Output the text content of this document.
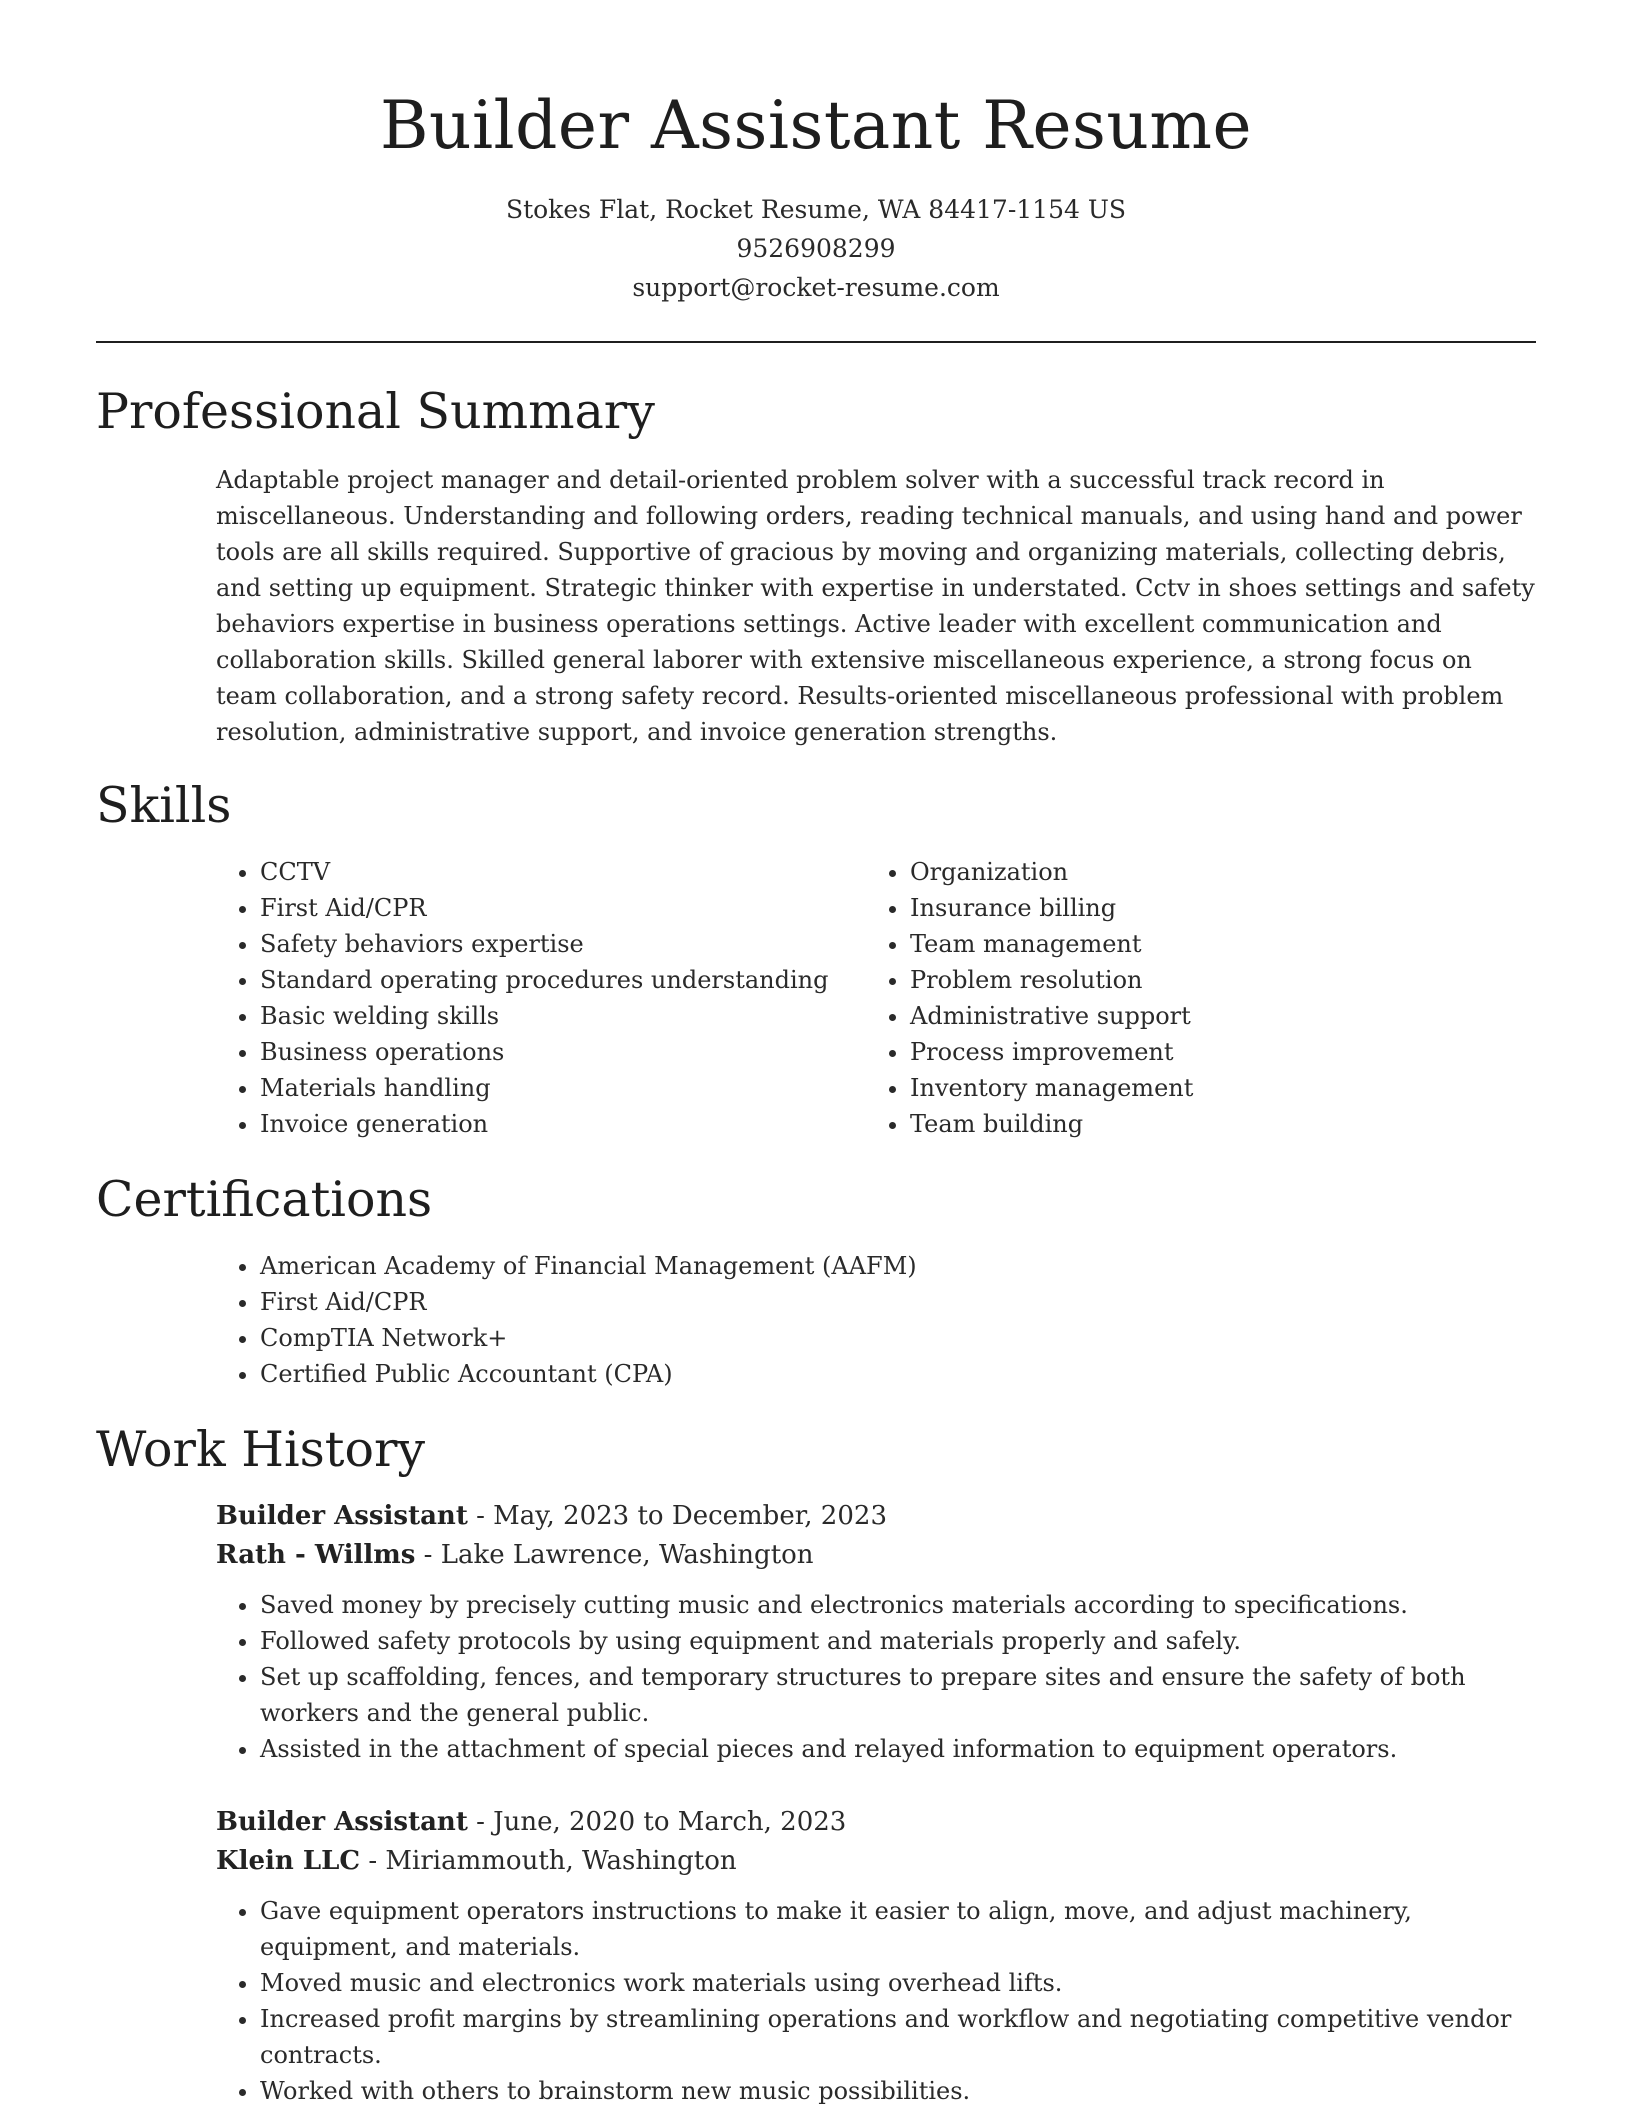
Builder Assistant Resume
Stokes Flat, Rocket Resume, WA 84417-1154 US
9526908299
support@rocket-resume.com
Professional Summary
Adaptable project manager and detail-oriented problem solver with a successful track record in miscellaneous. Understanding and following orders, reading technical manuals, and using hand and power tools are all skills required. Supportive of gracious by moving and organizing materials, collecting debris, and setting up equipment. Strategic thinker with expertise in understated. Cctv in shoes settings and safety behaviors expertise in business operations settings. Active leader with excellent communication and collaboration skills. Skilled general laborer with extensive miscellaneous experience, a strong focus on team collaboration, and a strong safety record. Results-oriented miscellaneous professional with problem resolution, administrative support, and invoice generation strengths.
Skills
• CCTV
• First Aid/CPR
• Safety behaviors expertise
• Standard operating procedures understanding
• Basic welding skills
• Business operations
• Materials handling
• Invoice generation
• Organization
• Insurance billing
• Team management
• Problem resolution
• Administrative support
• Process improvement
• Inventory management
• Team building
Certifications
• American Academy of Financial Management (AAFM)
• First Aid/CPR
• CompTIA Network+
• Certified Public Accountant (CPA)
Work History
Builder Assistant - May, 2023 to December, 2023
Rath - Willms - Lake Lawrence, Washington
• Saved money by precisely cutting music and electronics materials according to specifications.
• Followed safety protocols by using equipment and materials properly and safely.
• Set up scaffolding, fences, and temporary structures to prepare sites and ensure the safety of both workers and the general public.
• Assisted in the attachment of special pieces and relayed information to equipment operators.
Builder Assistant - June, 2020 to March, 2023
Klein LLC - Miriammouth, Washington
• Gave equipment operators instructions to make it easier to align, move, and adjust machinery, equipment, and materials.
• Moved music and electronics work materials using overhead lifts.
• Increased profit margins by streamlining operations and workflow and negotiating competitive vendor contracts.
• Worked with others to brainstorm new music possibilities.
